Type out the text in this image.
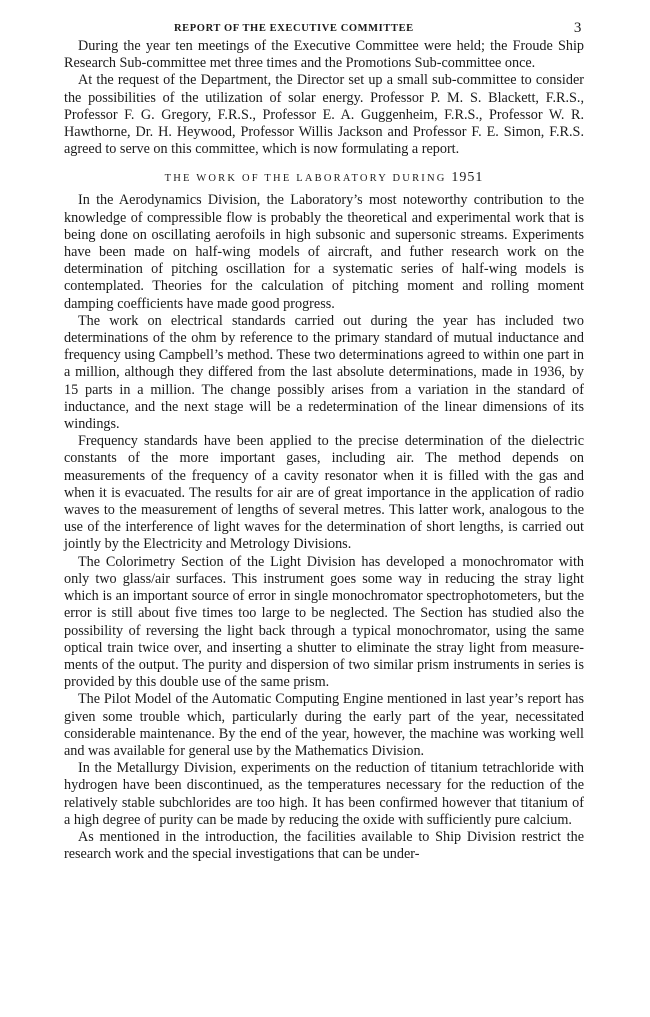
REPORT OF THE EXECUTIVE COMMITTEE	3

During the year ten meetings of the Executive Committee were held; the Froude Ship Research Sub-committee met three times and the Promotions Sub-committee once.

At the request of the Department, the Director set up a small sub-committee to consider the possibilities of the utilization of solar energy. Professor P. M. S. Blackett, F.R.S., Professor F. G. Gregory, F.R.S., Professor E. A. Guggenheim, F.R.S., Professor W. R. Hawthorne, Dr. H. Heywood, Professor Willis Jackson and Professor F. E. Simon, F.R.S. agreed to serve on this committee, which is now formulating a report.

THE WORK OF THE LABORATORY DURING 1951

In the Aerodynamics Division, the Laboratory’s most noteworthy contribution to the knowledge of compressible flow is probably the theoretical and experimental work that is being done on oscillating aerofoils in high subsonic and supersonic streams. Experiments have been made on half-wing models of aircraft, and futher research work on the determination of pitching oscillation for a systematic series of half-wing models is contemplated. Theories for the calculation of pitching moment and rolling moment damping coefficients have made good progress.

The work on electrical standards carried out during the year has included two determinations of the ohm by reference to the primary standard of mutual inductance and frequency using Campbell’s method. These two determinations agreed to within one part in a million, although they differed from the last absolute determinations, made in 1936, by 15 parts in a million. The change possibly arises from a variation in the standard of inductance, and the next stage will be a redetermination of the linear dimensions of its windings.

Frequency standards have been applied to the precise determination of the dielectric constants of the more important gases, including air. The method depends on measurements of the frequency of a cavity resonator when it is filled with the gas and when it is evacuated. The results for air are of great importance in the application of radio waves to the measurement of lengths of several metres. This latter work, analogous to the use of the interference of light waves for the determination of short lengths, is carried out jointly by the Electricity and Metrology Divisions.

The Colorimetry Section of the Light Division has developed a monochromator with only two glass/air surfaces. This instrument goes some way in reducing the stray light which is an important source of error in single monochromator spectrophotometers, but the error is still about five times too large to be neglected. The Section has studied also the possibility of reversing the light back through a typical monochromator, using the same optical train twice over, and inserting a shutter to eliminate the stray light from measurements of the output. The purity and dispersion of two similar prism instruments in series is provided by this double use of the same prism.

The Pilot Model of the Automatic Computing Engine mentioned in last year’s report has given some trouble which, particularly during the early part of the year, necessitated considerable maintenance. By the end of the year, however, the machine was working well and was available for general use by the Mathematics Division.

In the Metallurgy Division, experiments on the reduction of titanium tetrachloride with hydrogen have been discontinued, as the temperatures necessary for the reduction of the relatively stable subchlorides are too high. It has been confirmed however that titanium of a high degree of purity can be made by reducing the oxide with sufficiently pure calcium.

As mentioned in the introduction, the facilities available to Ship Division restrict the research work and the special investigations that can be under-
